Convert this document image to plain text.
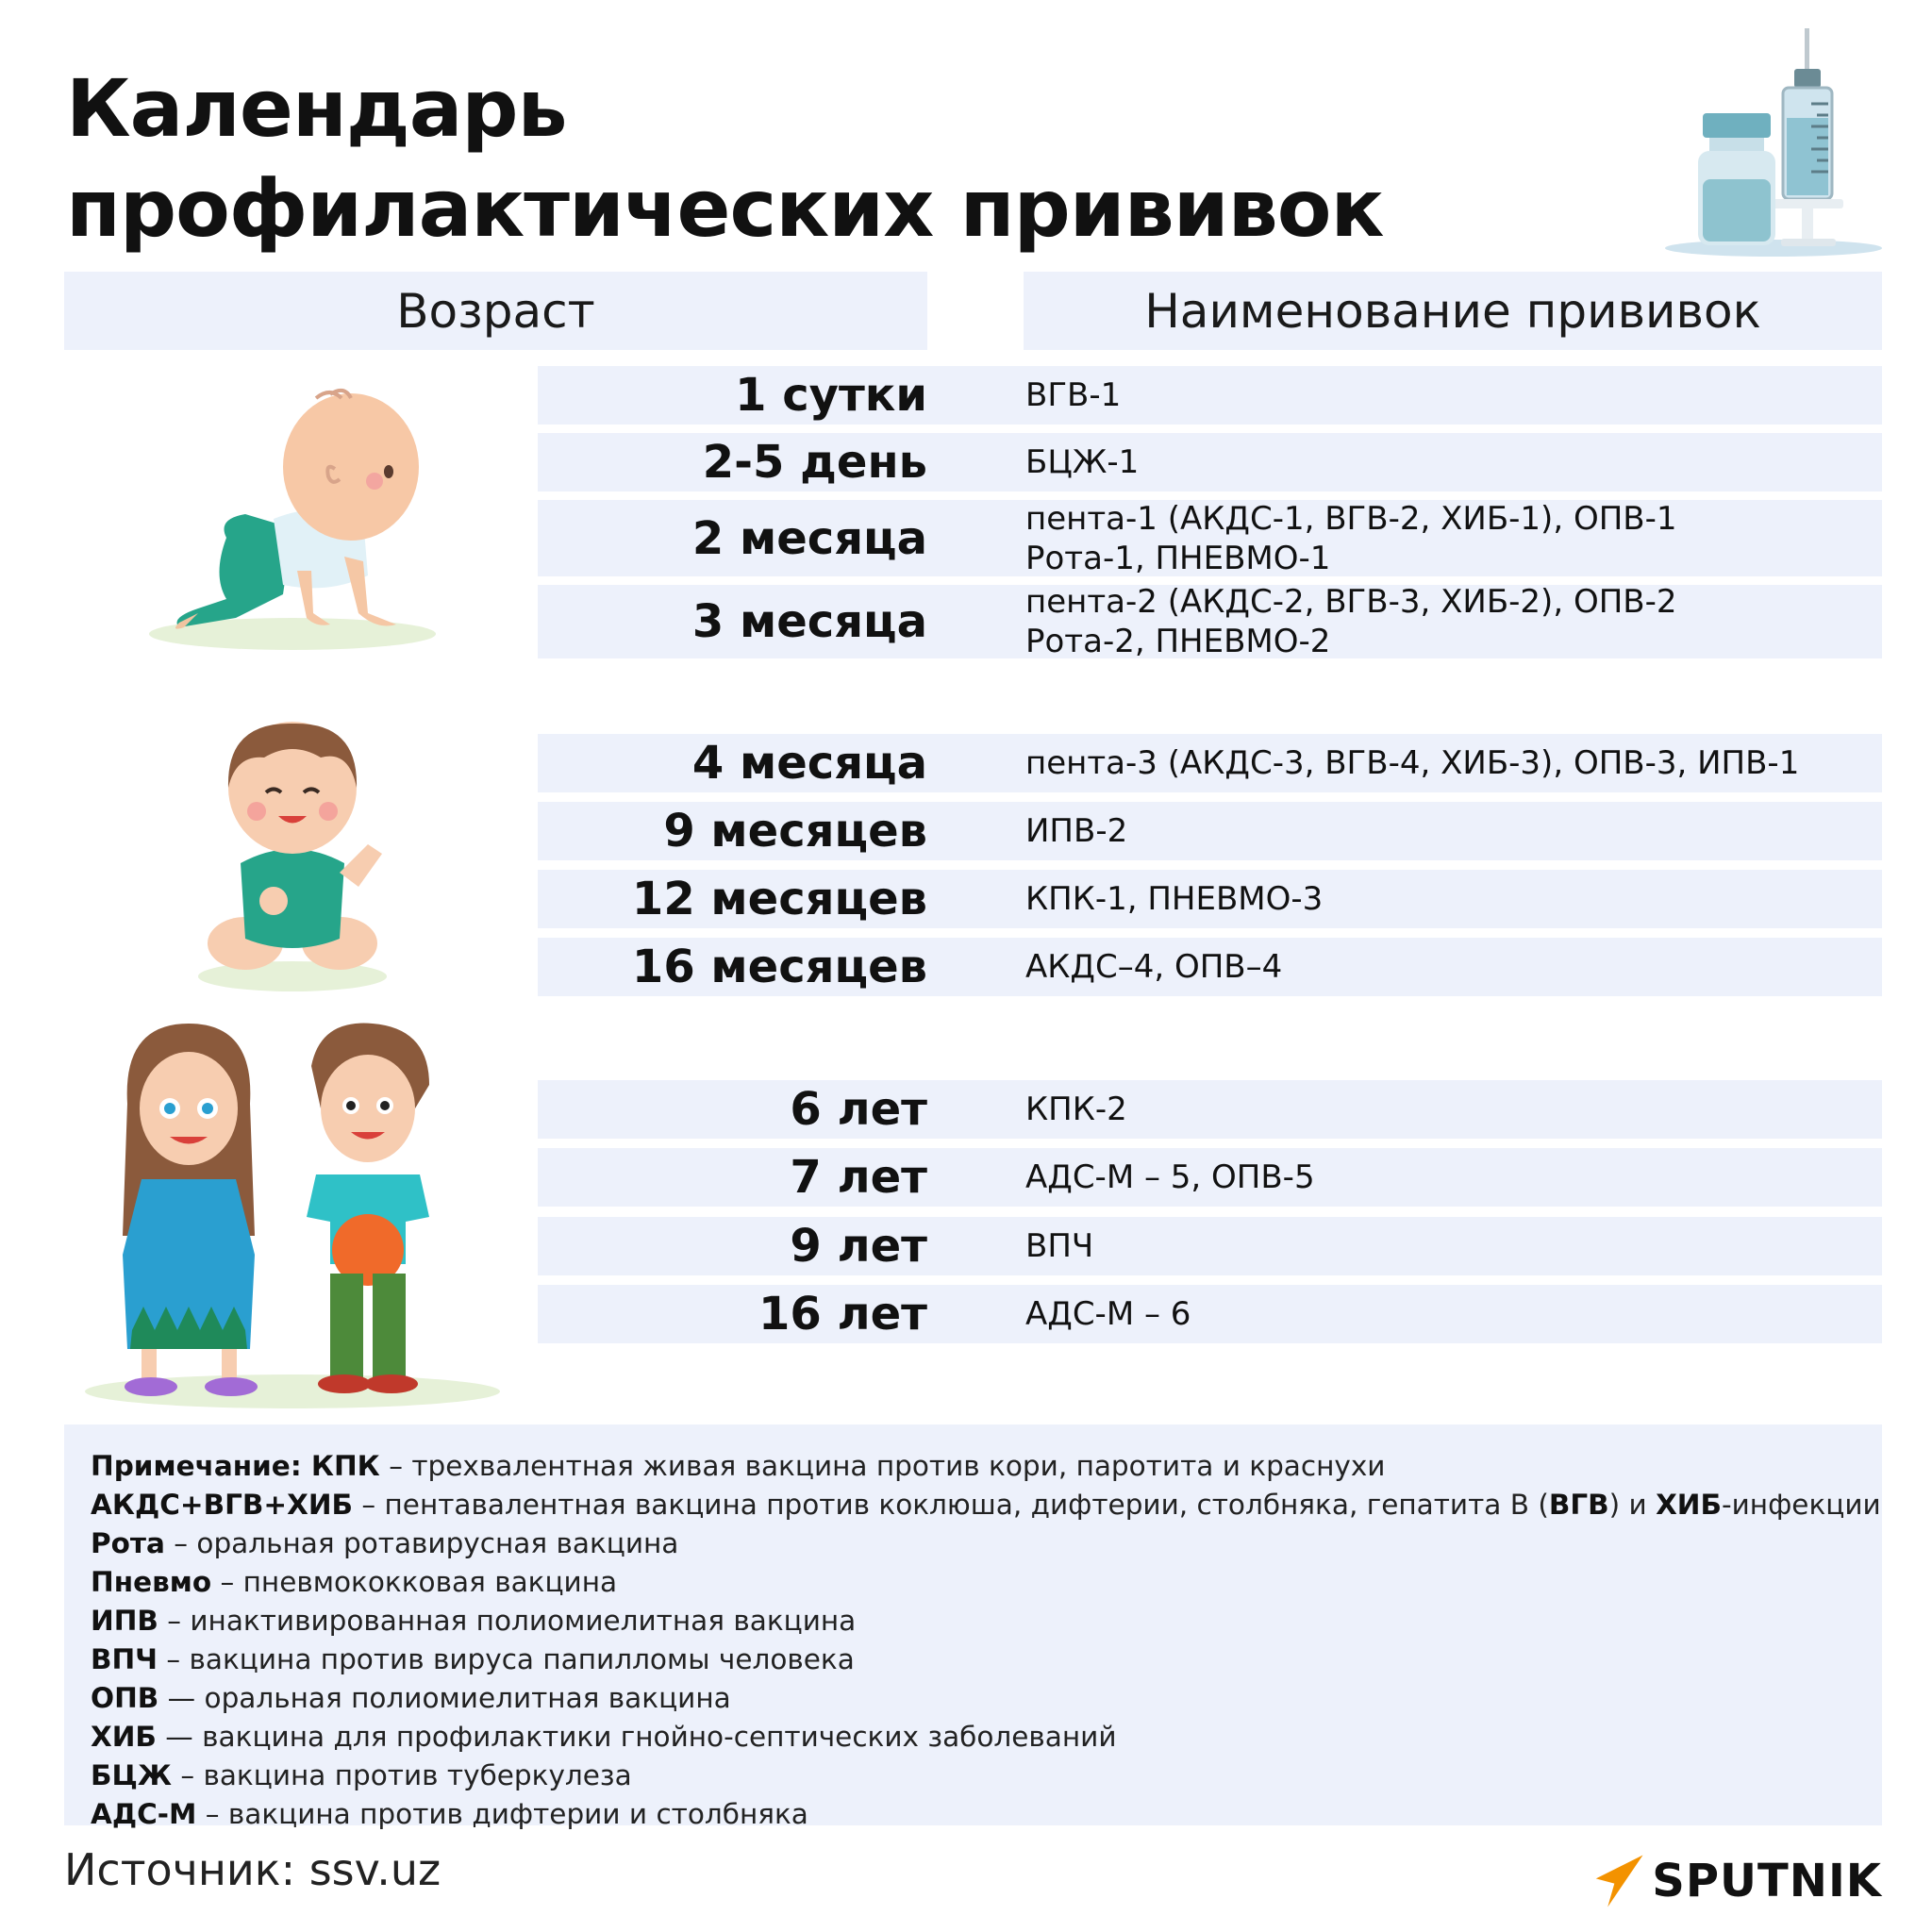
Календарь
профилактических прививок
Возраст	Наименование прививок
1 сутки	ВГВ-1
2-5 день	БЦЖ-1
2 месяца	пента-1 (АКДС-1, ВГВ-2, ХИБ-1), ОПВ-1
Рота-1, ПНЕВМО-1
3 месяца	пента-2 (АКДС-2, ВГВ-3, ХИБ-2), ОПВ-2
Рота-2, ПНЕВМО-2
4 месяца	пента-3 (АКДС-3, ВГВ-4, ХИБ-3), ОПВ-3, ИПВ-1
9 месяцев	ИПВ-2
12 месяцев	КПК-1, ПНЕВМО-3
16 месяцев	АКДС–4, ОПВ–4
6 лет	КПК-2
7 лет	АДС-М – 5, ОПВ-5
9 лет	ВПЧ
16 лет	АДС-М – 6
Примечание: КПК – трехвалентная живая вакцина против кори, паротита и краснухи
АКДС+ВГВ+ХИБ – пентавалентная вакцина против коклюша, дифтерии, столбняка, гепатита В (ВГВ) и ХИБ-инфекции
Рота – оральная ротавирусная вакцина
Пневмо – пневмококковая вакцина
ИПВ – инактивированная полиомиелитная вакцина
ВПЧ – вакцина против вируса папилломы человека
ОПВ — оральная полиомиелитная вакцина
ХИБ — вакцина для профилактики гнойно-септических заболеваний
БЦЖ – вакцина против туберкулеза
АДС-М – вакцина против дифтерии и столбняка
Источник: ssv.uz	SPUTNIK
